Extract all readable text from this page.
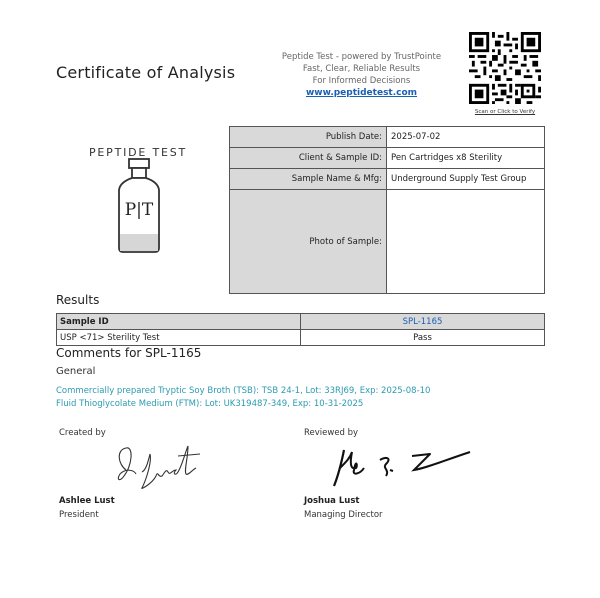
Certificate of Analysis
Peptide Test - powered by TrustPointe
Fast, Clear, Reliable Results
For Informed Decisions
www.peptidetest.com
Scan or Click to Verify
PEPTIDE TEST
P|T
Publish Date:	2025-07-02
Client & Sample ID:	Pen Cartridges x8 Sterility
Sample Name & Mfg:	Underground Supply Test Group
Photo of Sample:	
Results
Sample ID	SPL-1165
USP <71> Sterility Test	Pass
Comments for SPL-1165
General
Commercially prepared Tryptic Soy Broth (TSB): TSB 24-1, Lot: 33RJ69, Exp: 2025-08-10
Fluid Thioglycolate Medium (FTM): Lot: UK319487-349, Exp: 10-31-2025
Created by
Ashlee Lust
President
Reviewed by
Joshua Lust
Managing Director
